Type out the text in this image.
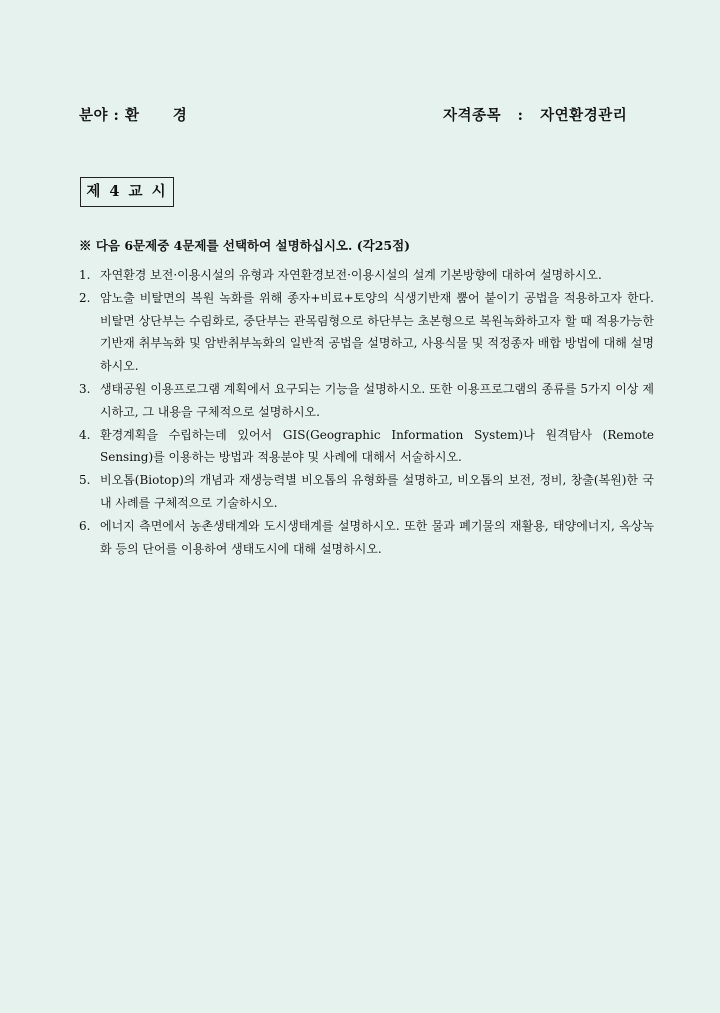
분야 : 환      경	자격종목   :   자연환경관리
제 4 교 시
※ 다음 6문제중 4문제를 선택하여 설명하십시오. (각25점)
1. 자연환경 보전·이용시설의 유형과 자연환경보전·이용시설의 설계 기본방향에 대하여 설명하시오.
2. 암노출 비탈면의 복원 녹화를 위해 종자+비료+토양의 식생기반재 뿜어 붙이기 공법을 적용하고자 한다. 비탈면 상단부는 수림화로, 중단부는 관목림형으로 하단부는 초본형으로 복원녹화하고자 할 때 적용가능한 기반재 취부녹화 및 암반취부녹화의 일반적 공법을 설명하고, 사용식물 및 적정종자 배합 방법에 대해 설명하시오.
3. 생태공원 이용프로그램 계획에서 요구되는 기능을 설명하시오. 또한 이용프로그램의 종류를 5가지 이상 제시하고, 그 내용을 구체적으로 설명하시오.
4. 환경계획을 수립하는데 있어서 GIS(Geographic Information System)나 원격탐사 (Remote Sensing)를 이용하는 방법과 적용분야 및 사례에 대해서 서술하시오.
5. 비오톱(Biotop)의 개념과 재생능력별 비오톱의 유형화를 설명하고, 비오톱의 보전, 정비, 창출(복원)한 국내 사례를 구체적으로 기술하시오.
6. 에너지 측면에서 농촌생태계와 도시생태계를 설명하시오. 또한 물과 폐기물의 재활용, 태양에너지, 옥상녹화 등의 단어를 이용하여 생태도시에 대해 설명하시오.
